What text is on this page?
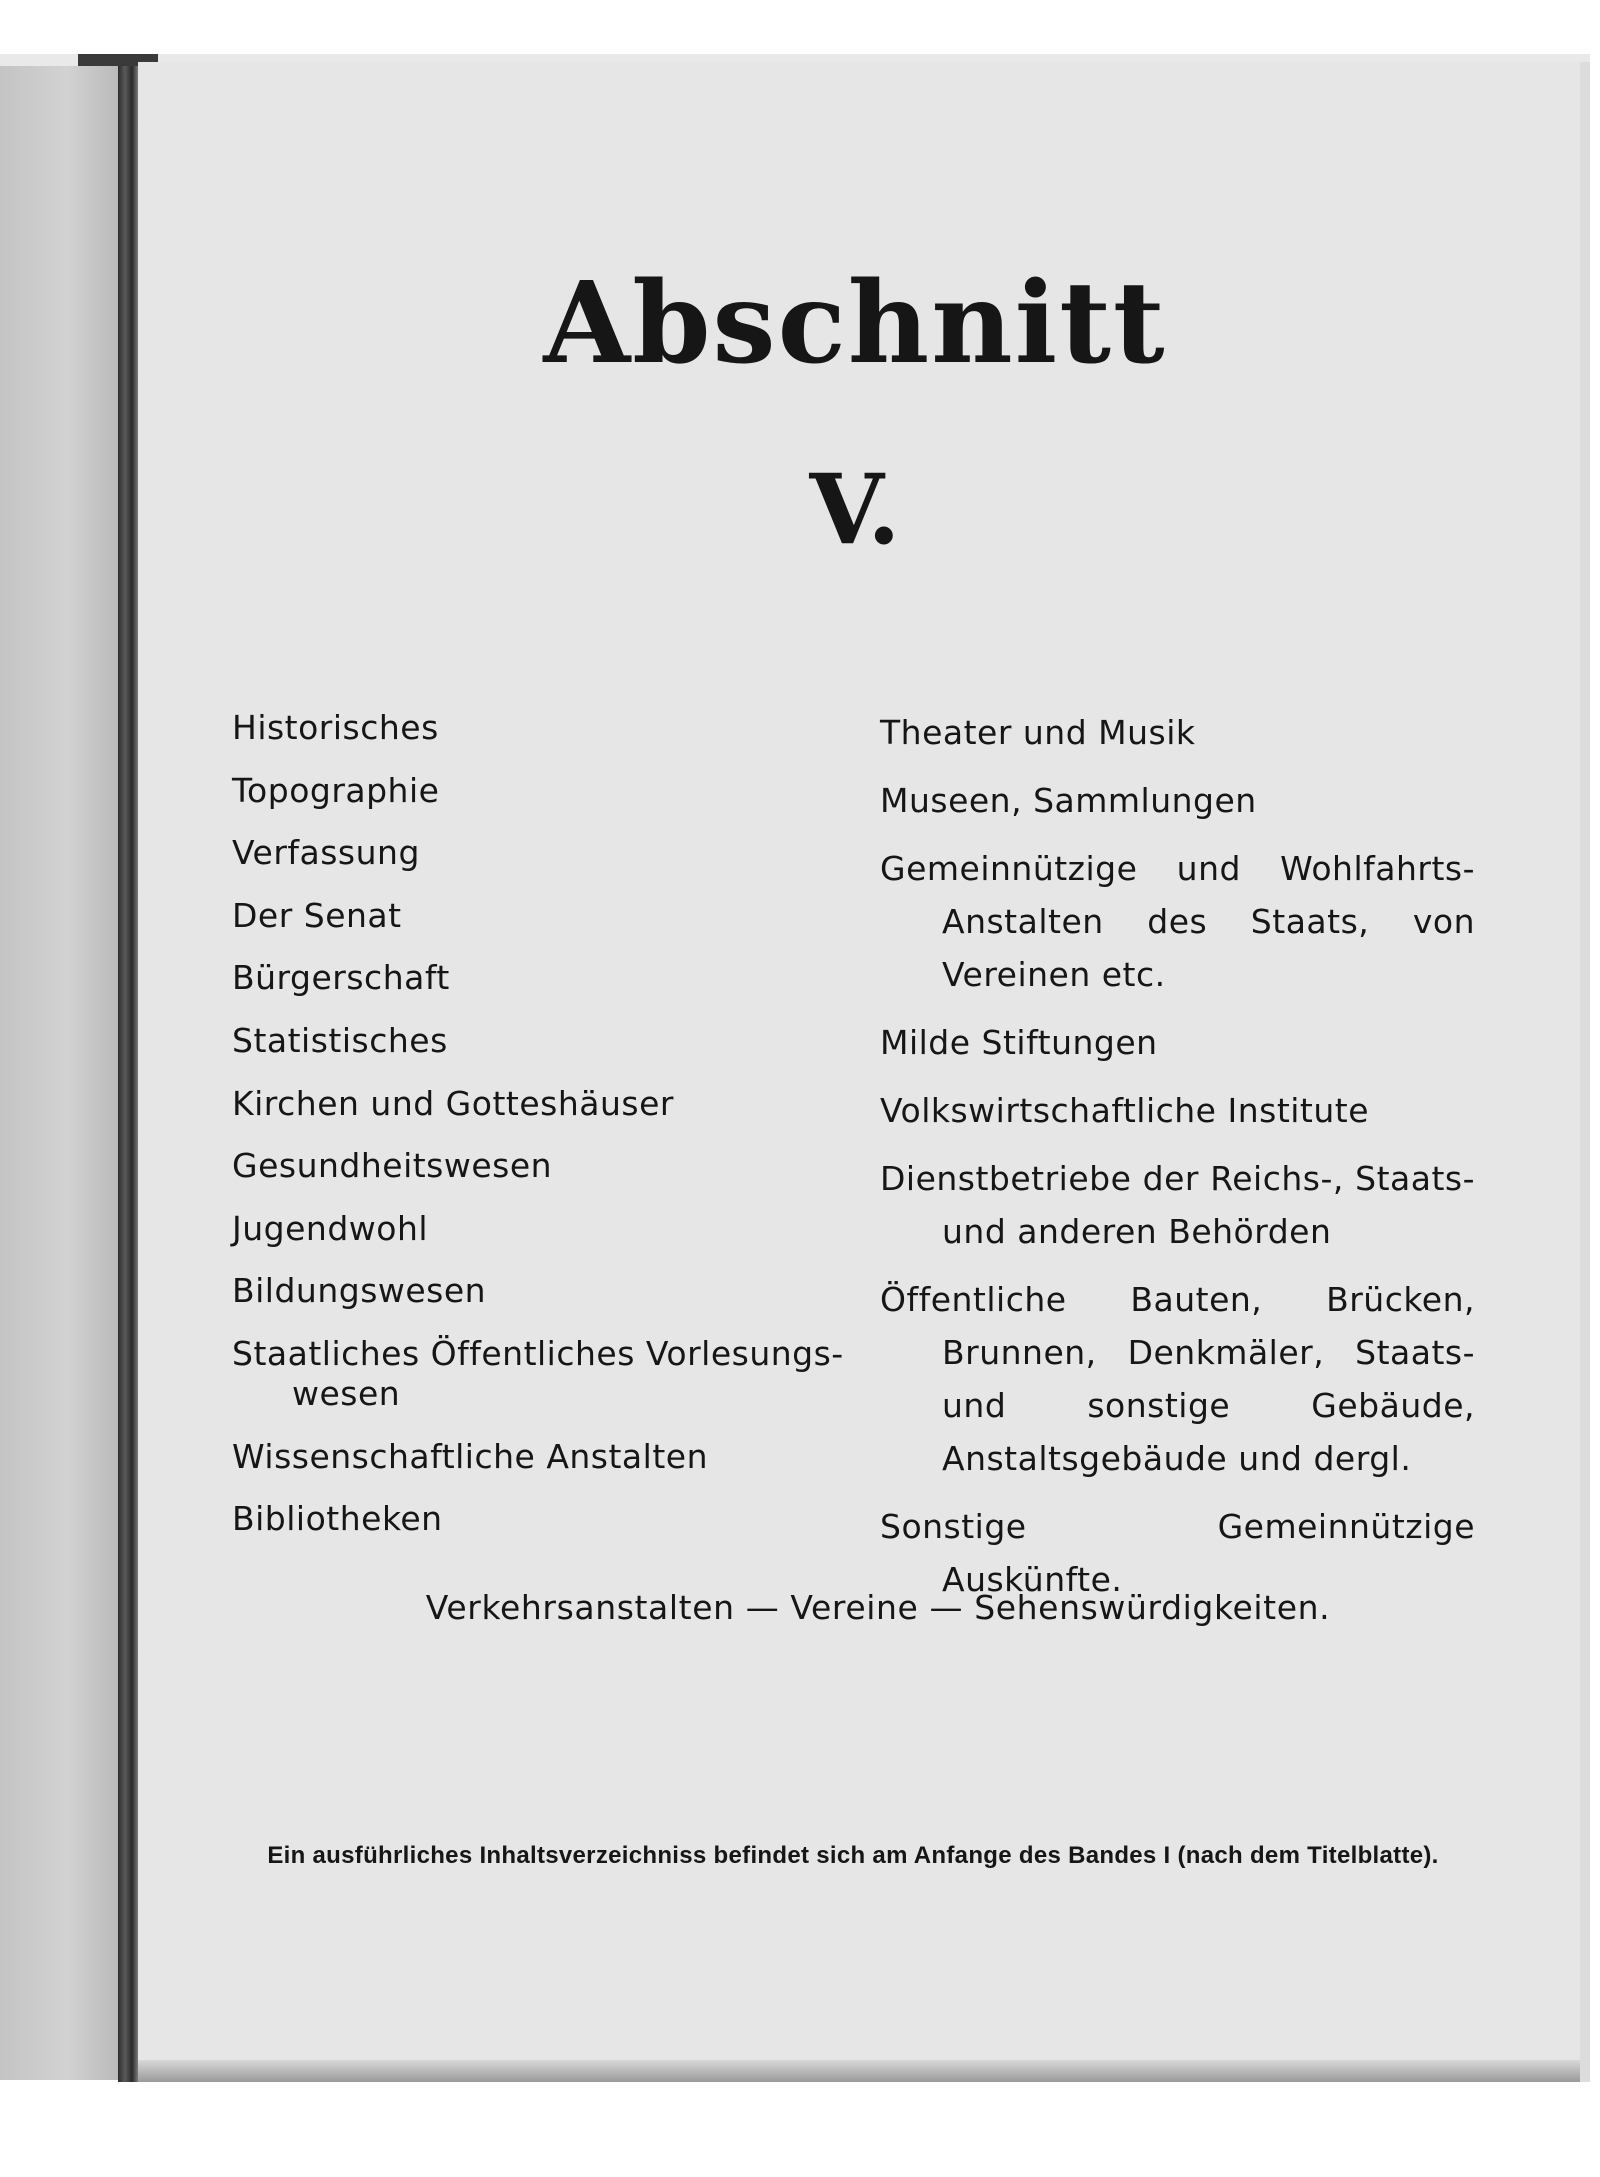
Abschnitt
V.
Historisches
Topographie
Verfassung
Der Senat
Bürgerschaft
Statistisches
Kirchen und Gotteshäuser
Gesundheitswesen
Jugendwohl
Bildungswesen
Staatliches Öffentliches Vorlesungs-
wesen
Wissenschaftliche Anstalten
Bibliotheken
Theater und Musik
Museen, Sammlungen
Gemeinnützige und Wohlfahrts-Anstalten des Staats, von Vereinen etc.
Milde Stiftungen
Volkswirtschaftliche Institute
Dienstbetriebe der Reichs-, Staats- und anderen Behörden
Öffentliche Bauten, Brücken, Brunnen, Denkmäler, Staats- und sonstige Gebäude, Anstaltsgebäude und dergl.
Sonstige Gemeinnützige Auskünfte.
Verkehrsanstalten — Vereine — Sehenswürdigkeiten.
Ein ausführliches Inhaltsverzeichniss befindet sich am Anfange des Bandes I (nach dem Titelblatte).
